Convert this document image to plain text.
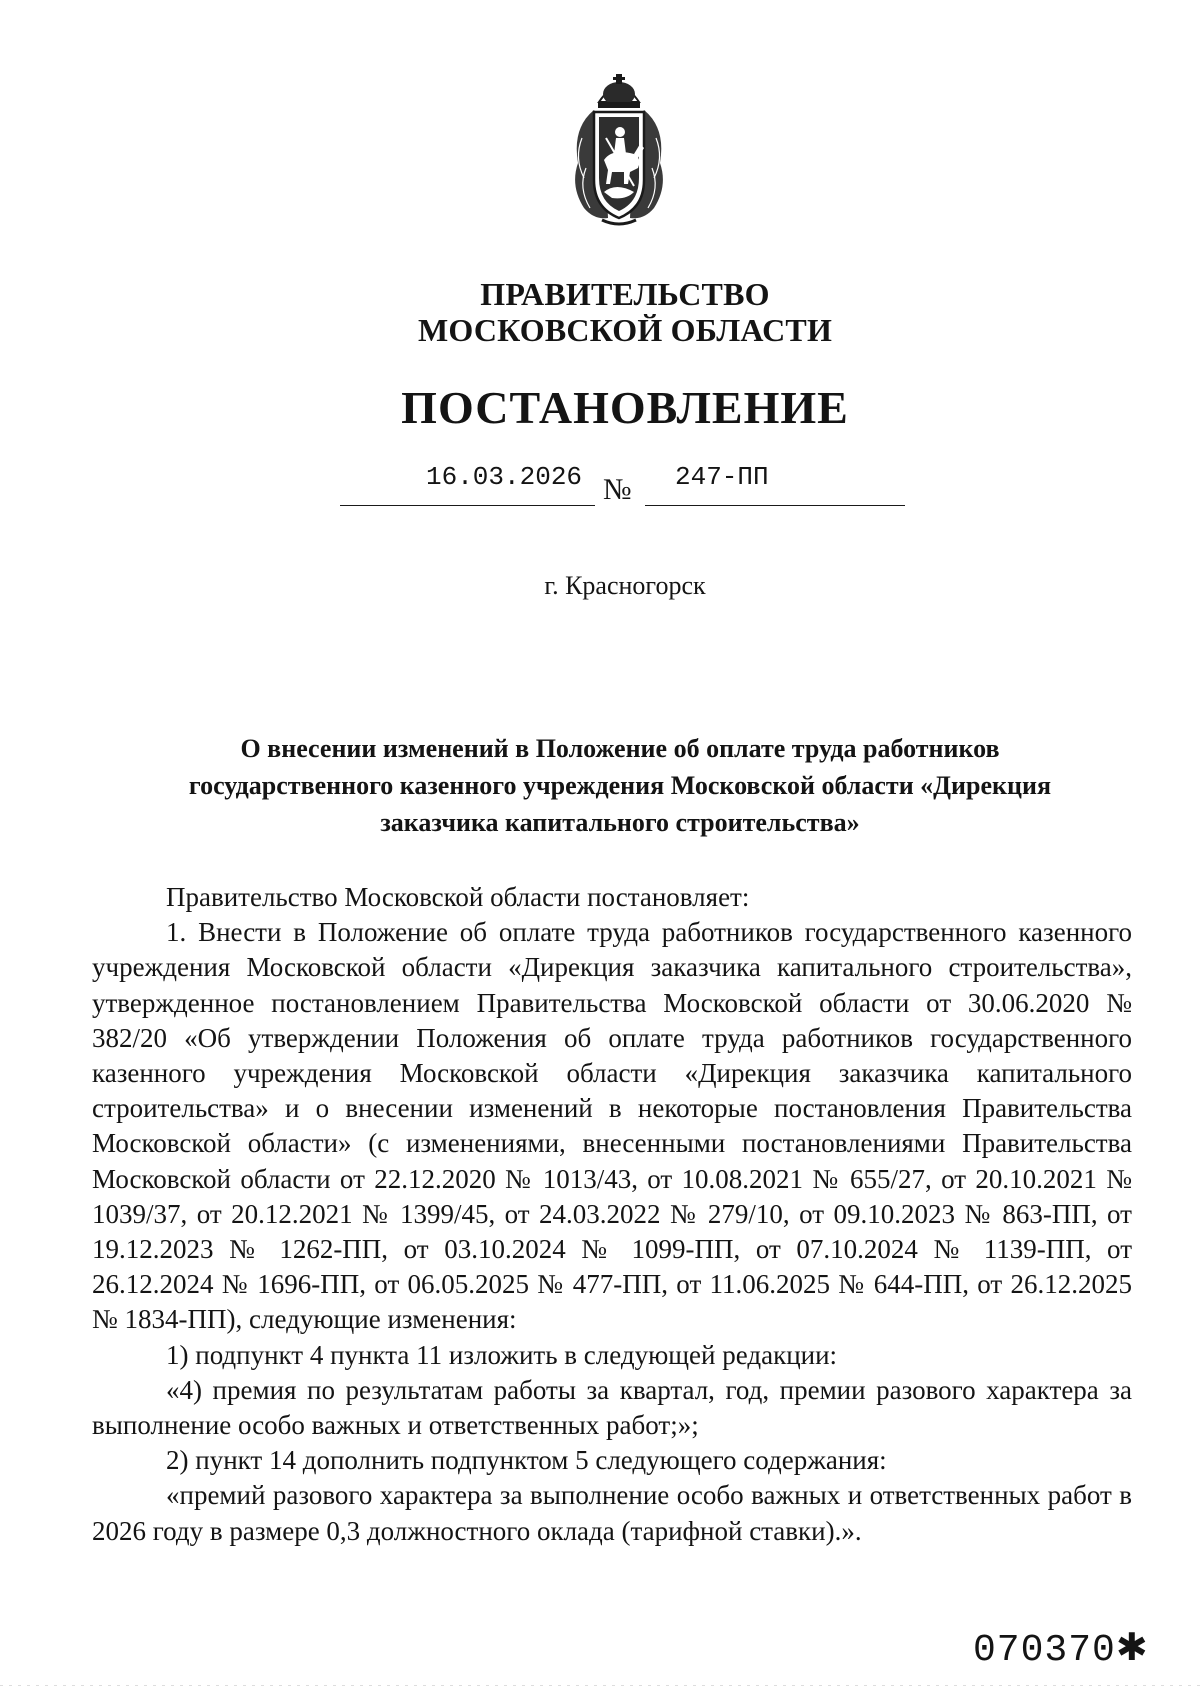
ПРАВИТЕЛЬСТВО
МОСКОВСКОЙ ОБЛАСТИ
ПОСТАНОВЛЕНИЕ
16.03.2026 № 247-ПП
г. Красногорск
О внесении изменений в Положение об оплате труда работников
государственного казенного учреждения Московской области «Дирекция
заказчика капитального строительства»

Правительство Московской области постановляет:

1. Внести в Положение об оплате труда работников государственного казенного учреждения Московской области «Дирекция заказчика капитального строительства», утвержденное постановлением Правительства Московской области от 30.06.2020 № 382/20 «Об утверждении Положения об оплате труда работников государственного казенного учреждения Московской области «Дирекция заказчика капитального строительства» и о внесении изменений в некоторые постановления Правительства Московской области» (с изменениями, внесенными постановлениями Правительства Московской области от 22.12.2020 № 1013/43, от 10.08.2021 № 655/27, от 20.10.2021 № 1039/37, от 20.12.2021 № 1399/45, от 24.03.2022 № 279/10, от 09.10.2023 № 863-ПП, от 19.12.2023 № 1262-ПП, от 03.10.2024 № 1099-ПП, от 07.10.2024 № 1139-ПП, от 26.12.2024 № 1696-ПП, от 06.05.2025 № 477-ПП, от 11.06.2025 № 644-ПП, от 26.12.2025 № 1834-ПП), следующие изменения:

1) подпункт 4 пункта 11 изложить в следующей редакции:

«4) премия по результатам работы за квартал, год, премии разового характера за выполнение особо важных и ответственных работ;»;

2) пункт 14 дополнить подпунктом 5 следующего содержания:

«премий разового характера за выполнение особо важных и ответственных работ в 2026 году в размере 0,3 должностного оклада (тарифной ставки).».

070370✱
